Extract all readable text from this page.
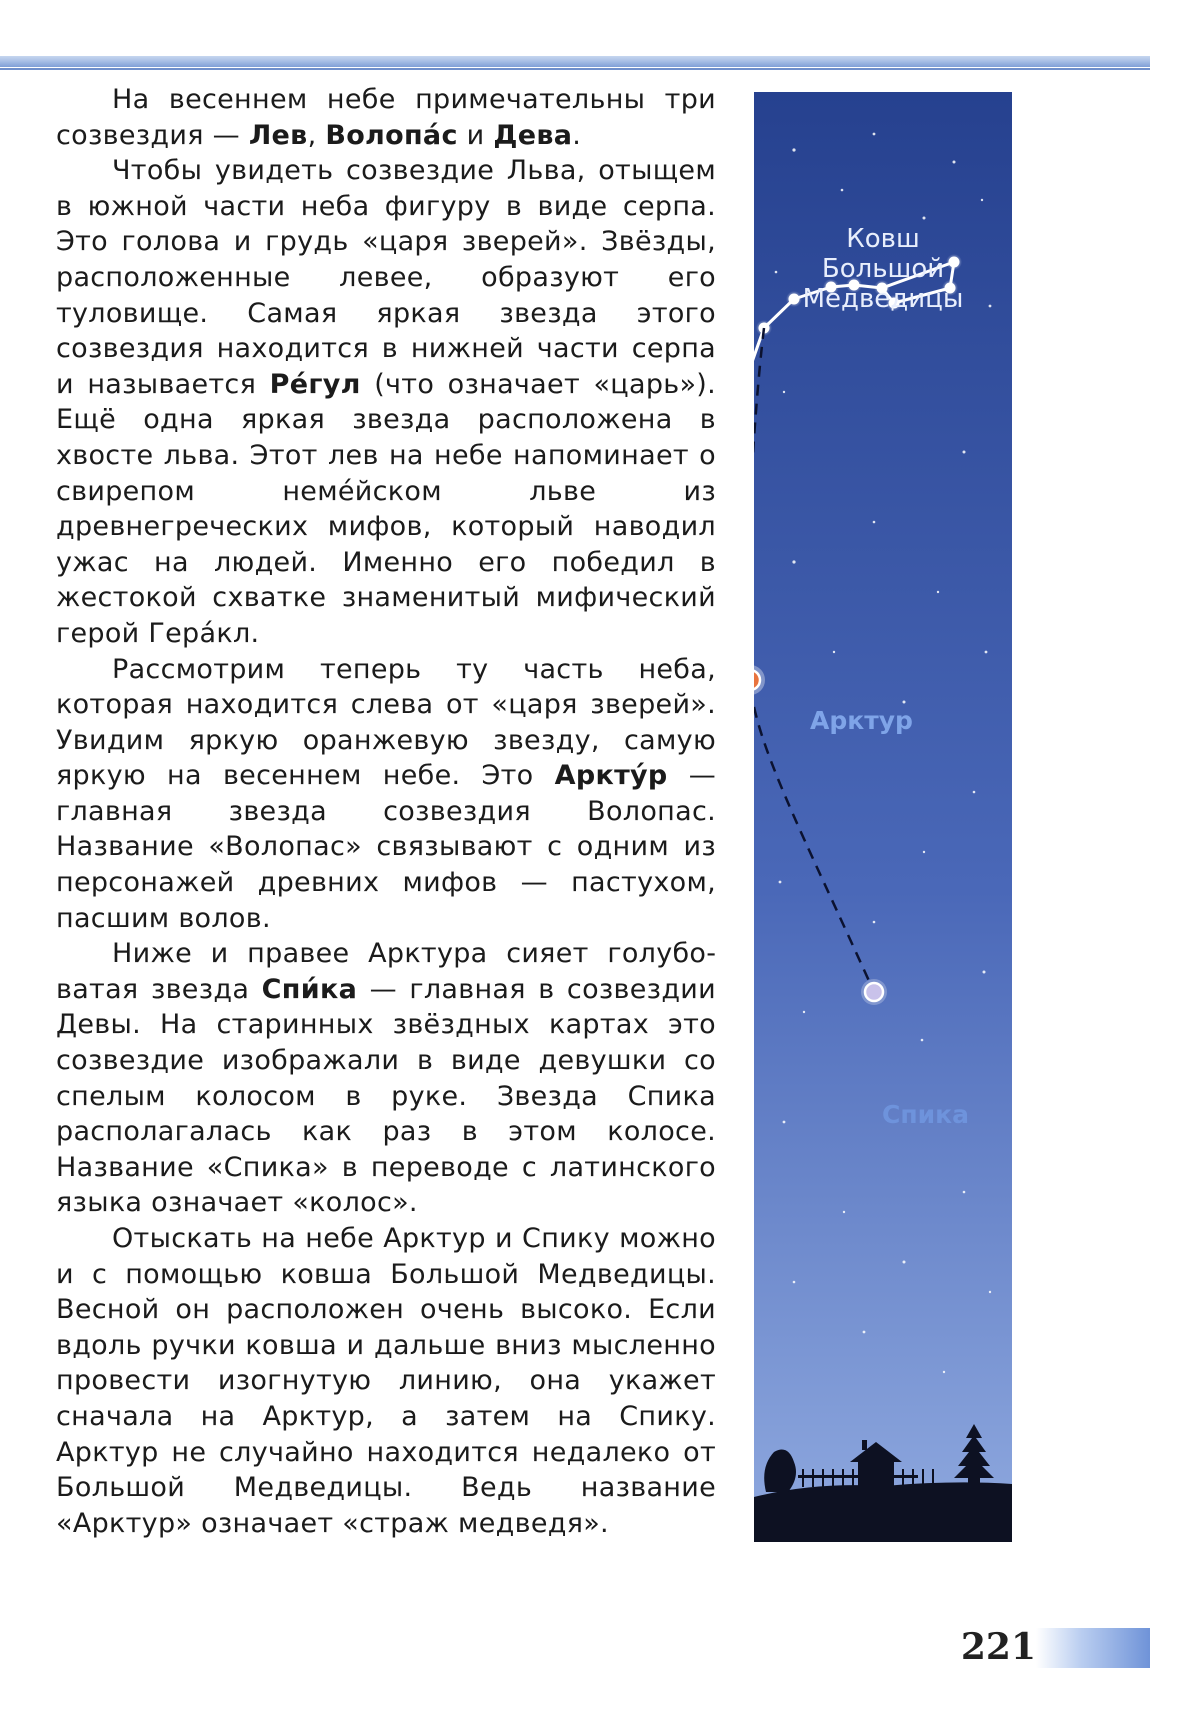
На весеннем небе примечательны три созвездия — Лев, Волопа́с и Дева.

Чтобы увидеть созвездие Льва, отыщем в южной части неба фигуру в виде серпа. Это голова и грудь «царя зверей». Звёзды, расположенные левее, образуют его туловище. Самая яркая звезда этого созвездия находится в нижней части серпа и называется Ре́гул (что означает «царь»). Ещё одна яркая звезда расположена в хвосте льва. Этот лев на небе напоминает о свирепом неме́йском льве из древнегреческих мифов, который наводил ужас на людей. Именно его победил в жестокой схватке знаменитый мифический герой Гера́кл.

Рассмотрим теперь ту часть неба, которая находится слева от «царя зверей». Увидим яркую оранжевую звезду, самую яркую на весеннем небе. Это Аркту́р — главная звезда созвездия Волопас. Название «Волопас» связывают с одним из персонажей древних мифов — пастухом, пасшим волов.

Ниже и правее Арктура сияет голубоватая звезда Спи́ка — главная в созвездии Девы. На старинных звёздных картах это созвездие изображали в виде девушки со спелым колосом в руке. Звезда Спика располагалась как раз в этом колосе. Название «Спика» в переводе с латинского языка означает «колос».

Отыскать на небе Арктур и Спику можно и с помощью ковша Большой Медведицы. Весной он расположен очень высоко. Если вдоль ручки ковша и дальше вниз мысленно провести изогнутую линию, она укажет сначала на Арктур, а затем на Спику. Арктур не случайно находится недалеко от Большой Медведицы. Ведь название «Арктур» означает «страж медведя».

Ковш
Большой
Медведицы
Арктур
Спика
221
